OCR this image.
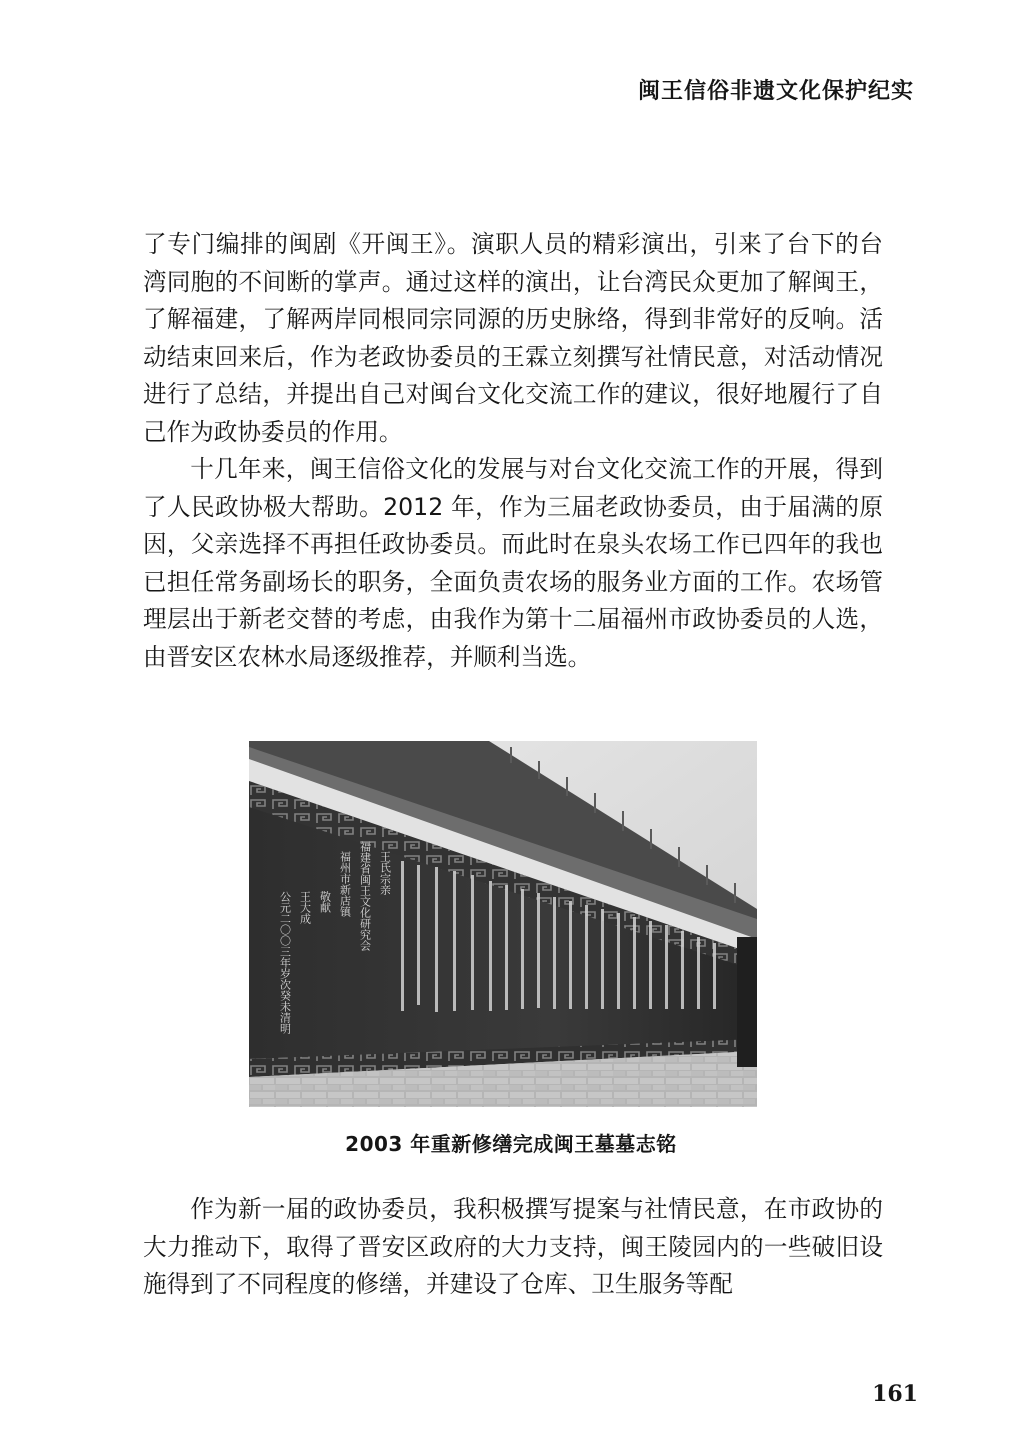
闽王信俗非遗文化保护纪实

了专门编排的闽剧《开闽王》。演职人员的精彩演出，引来了台下的台湾同胞的不间断的掌声。通过这样的演出，让台湾民众更加了解闽王，了解福建，了解两岸同根同宗同源的历史脉络，得到非常好的反响。活动结束回来后，作为老政协委员的王霖立刻撰写社情民意，对活动情况进行了总结，并提出自己对闽台文化交流工作的建议，很好地履行了自己作为政协委员的作用。

十几年来，闽王信俗文化的发展与对台文化交流工作的开展，得到了人民政协极大帮助。2012 年，作为三届老政协委员，由于届满的原因，父亲选择不再担任政协委员。而此时在泉头农场工作已四年的我也已担任常务副场长的职务，全面负责农场的服务业方面的工作。农场管理层出于新老交替的考虑，由我作为第十二届福州市政协委员的人选，由晋安区农林水局逐级推荐，并顺利当选。

公元二〇〇三年岁次癸未清明 王大成 敬献 福州市新店镇 福建省闽王文化研究会 王氏宗亲
2003 年重新修缮完成闽王墓墓志铭

作为新一届的政协委员，我积极撰写提案与社情民意，在市政协的大力推动下，取得了晋安区政府的大力支持，闽王陵园内的一些破旧设施得到了不同程度的修缮，并建设了仓库、卫生服务等配

161
